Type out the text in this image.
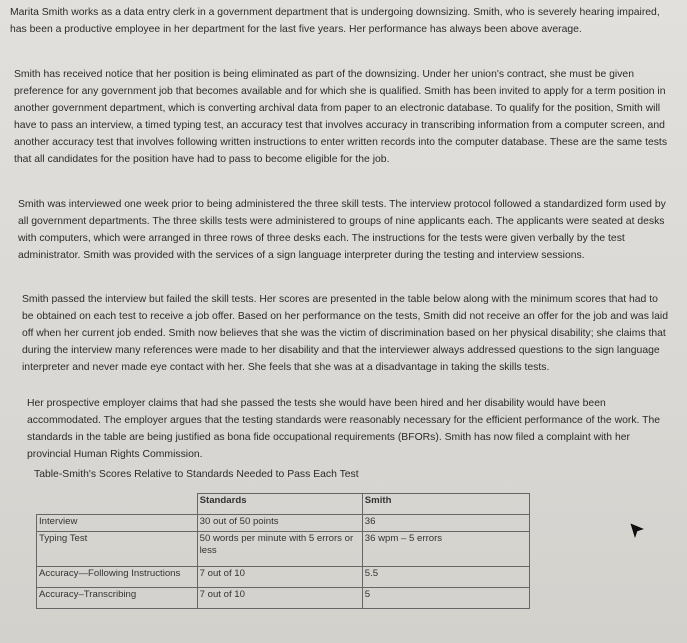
Marita Smith works as a data entry clerk in a government department that is undergoing downsizing. Smith, who is severely hearing impaired, has been a productive employee in her department for the last five years. Her performance has always been above average.

Smith has received notice that her position is being eliminated as part of the downsizing. Under her union's contract, she must be given preference for any government job that becomes available and for which she is qualified. Smith has been invited to apply for a term position in another government department, which is converting archival data from paper to an electronic database. To qualify for the position, Smith will have to pass an interview, a timed typing test, an accuracy test that involves accuracy in transcribing information from a computer screen, and another accuracy test that involves following written instructions to enter written records into the computer database. These are the same tests that all candidates for the position have had to pass to become eligible for the job.

Smith was interviewed one week prior to being administered the three skill tests. The interview protocol followed a standardized form used by all government departments. The three skills tests were administered to groups of nine applicants each. The applicants were seated at desks with computers, which were arranged in three rows of three desks each. The instructions for the tests were given verbally by the test administrator. Smith was provided with the services of a sign language interpreter during the testing and interview sessions.

Smith passed the interview but failed the skill tests. Her scores are presented in the table below along with the minimum scores that had to be obtained on each test to receive a job offer. Based on her performance on the tests, Smith did not receive an offer for the job and was laid off when her current job ended. Smith now believes that she was the victim of discrimination based on her physical disability; she claims that during the interview many references were made to her disability and that the interviewer always addressed questions to the sign language interpreter and never made eye contact with her. She feels that she was at a disadvantage in taking the skills tests.

Her prospective employer claims that had she passed the tests she would have been hired and her disability would have been accommodated. The employer argues that the testing standards were reasonably necessary for the efficient performance of the work. The standards in the table are being justified as bona fide occupational requirements (BFORs). Smith has now filed a complaint with her provincial Human Rights Commission.

Table-Smith's Scores Relative to Standards Needed to Pass Each Test
	Standards	Smith
Interview	30 out of 50 points	36
Typing Test	50 words per minute with 5 errors or less	36 wpm – 5 errors
Accuracy—Following Instructions	7 out of 10	5.5
Accuracy–Transcribing	7 out of 10	5
